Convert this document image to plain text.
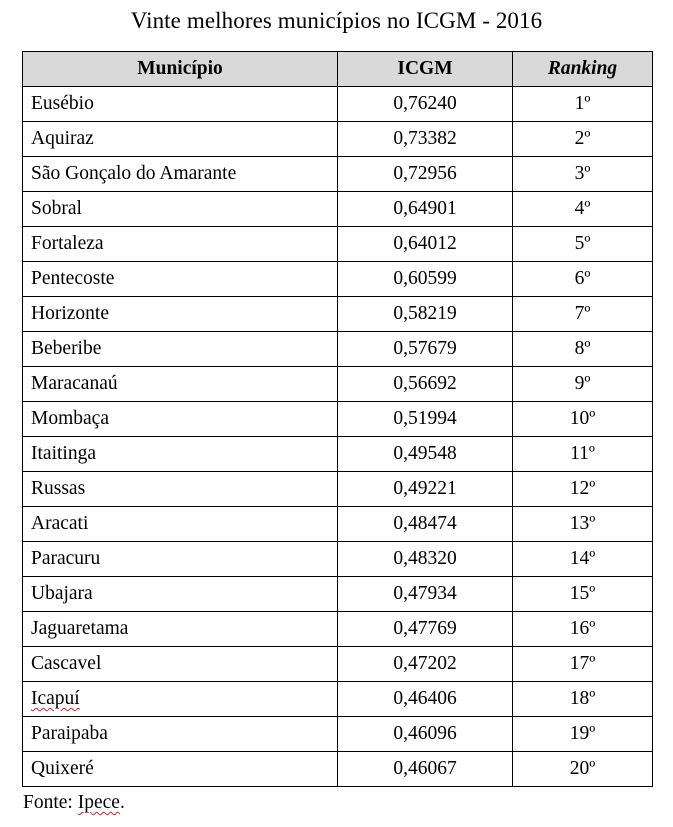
Vinte melhores municípios no ICGM - 2016
Município	ICGM	Ranking
Eusébio	0,76240	1º
Aquiraz	0,73382	2º
São Gonçalo do Amarante	0,72956	3º
Sobral	0,64901	4º
Fortaleza	0,64012	5º
Pentecoste	0,60599	6º
Horizonte	0,58219	7º
Beberibe	0,57679	8º
Maracanaú	0,56692	9º
Mombaça	0,51994	10º
Itaitinga	0,49548	11º
Russas	0,49221	12º
Aracati	0,48474	13º
Paracuru	0,48320	14º
Ubajara	0,47934	15º
Jaguaretama	0,47769	16º
Cascavel	0,47202	17º
Icapuí	0,46406	18º
Paraipaba	0,46096	19º
Quixeré	0,46067	20º
Fonte: Ipece.
